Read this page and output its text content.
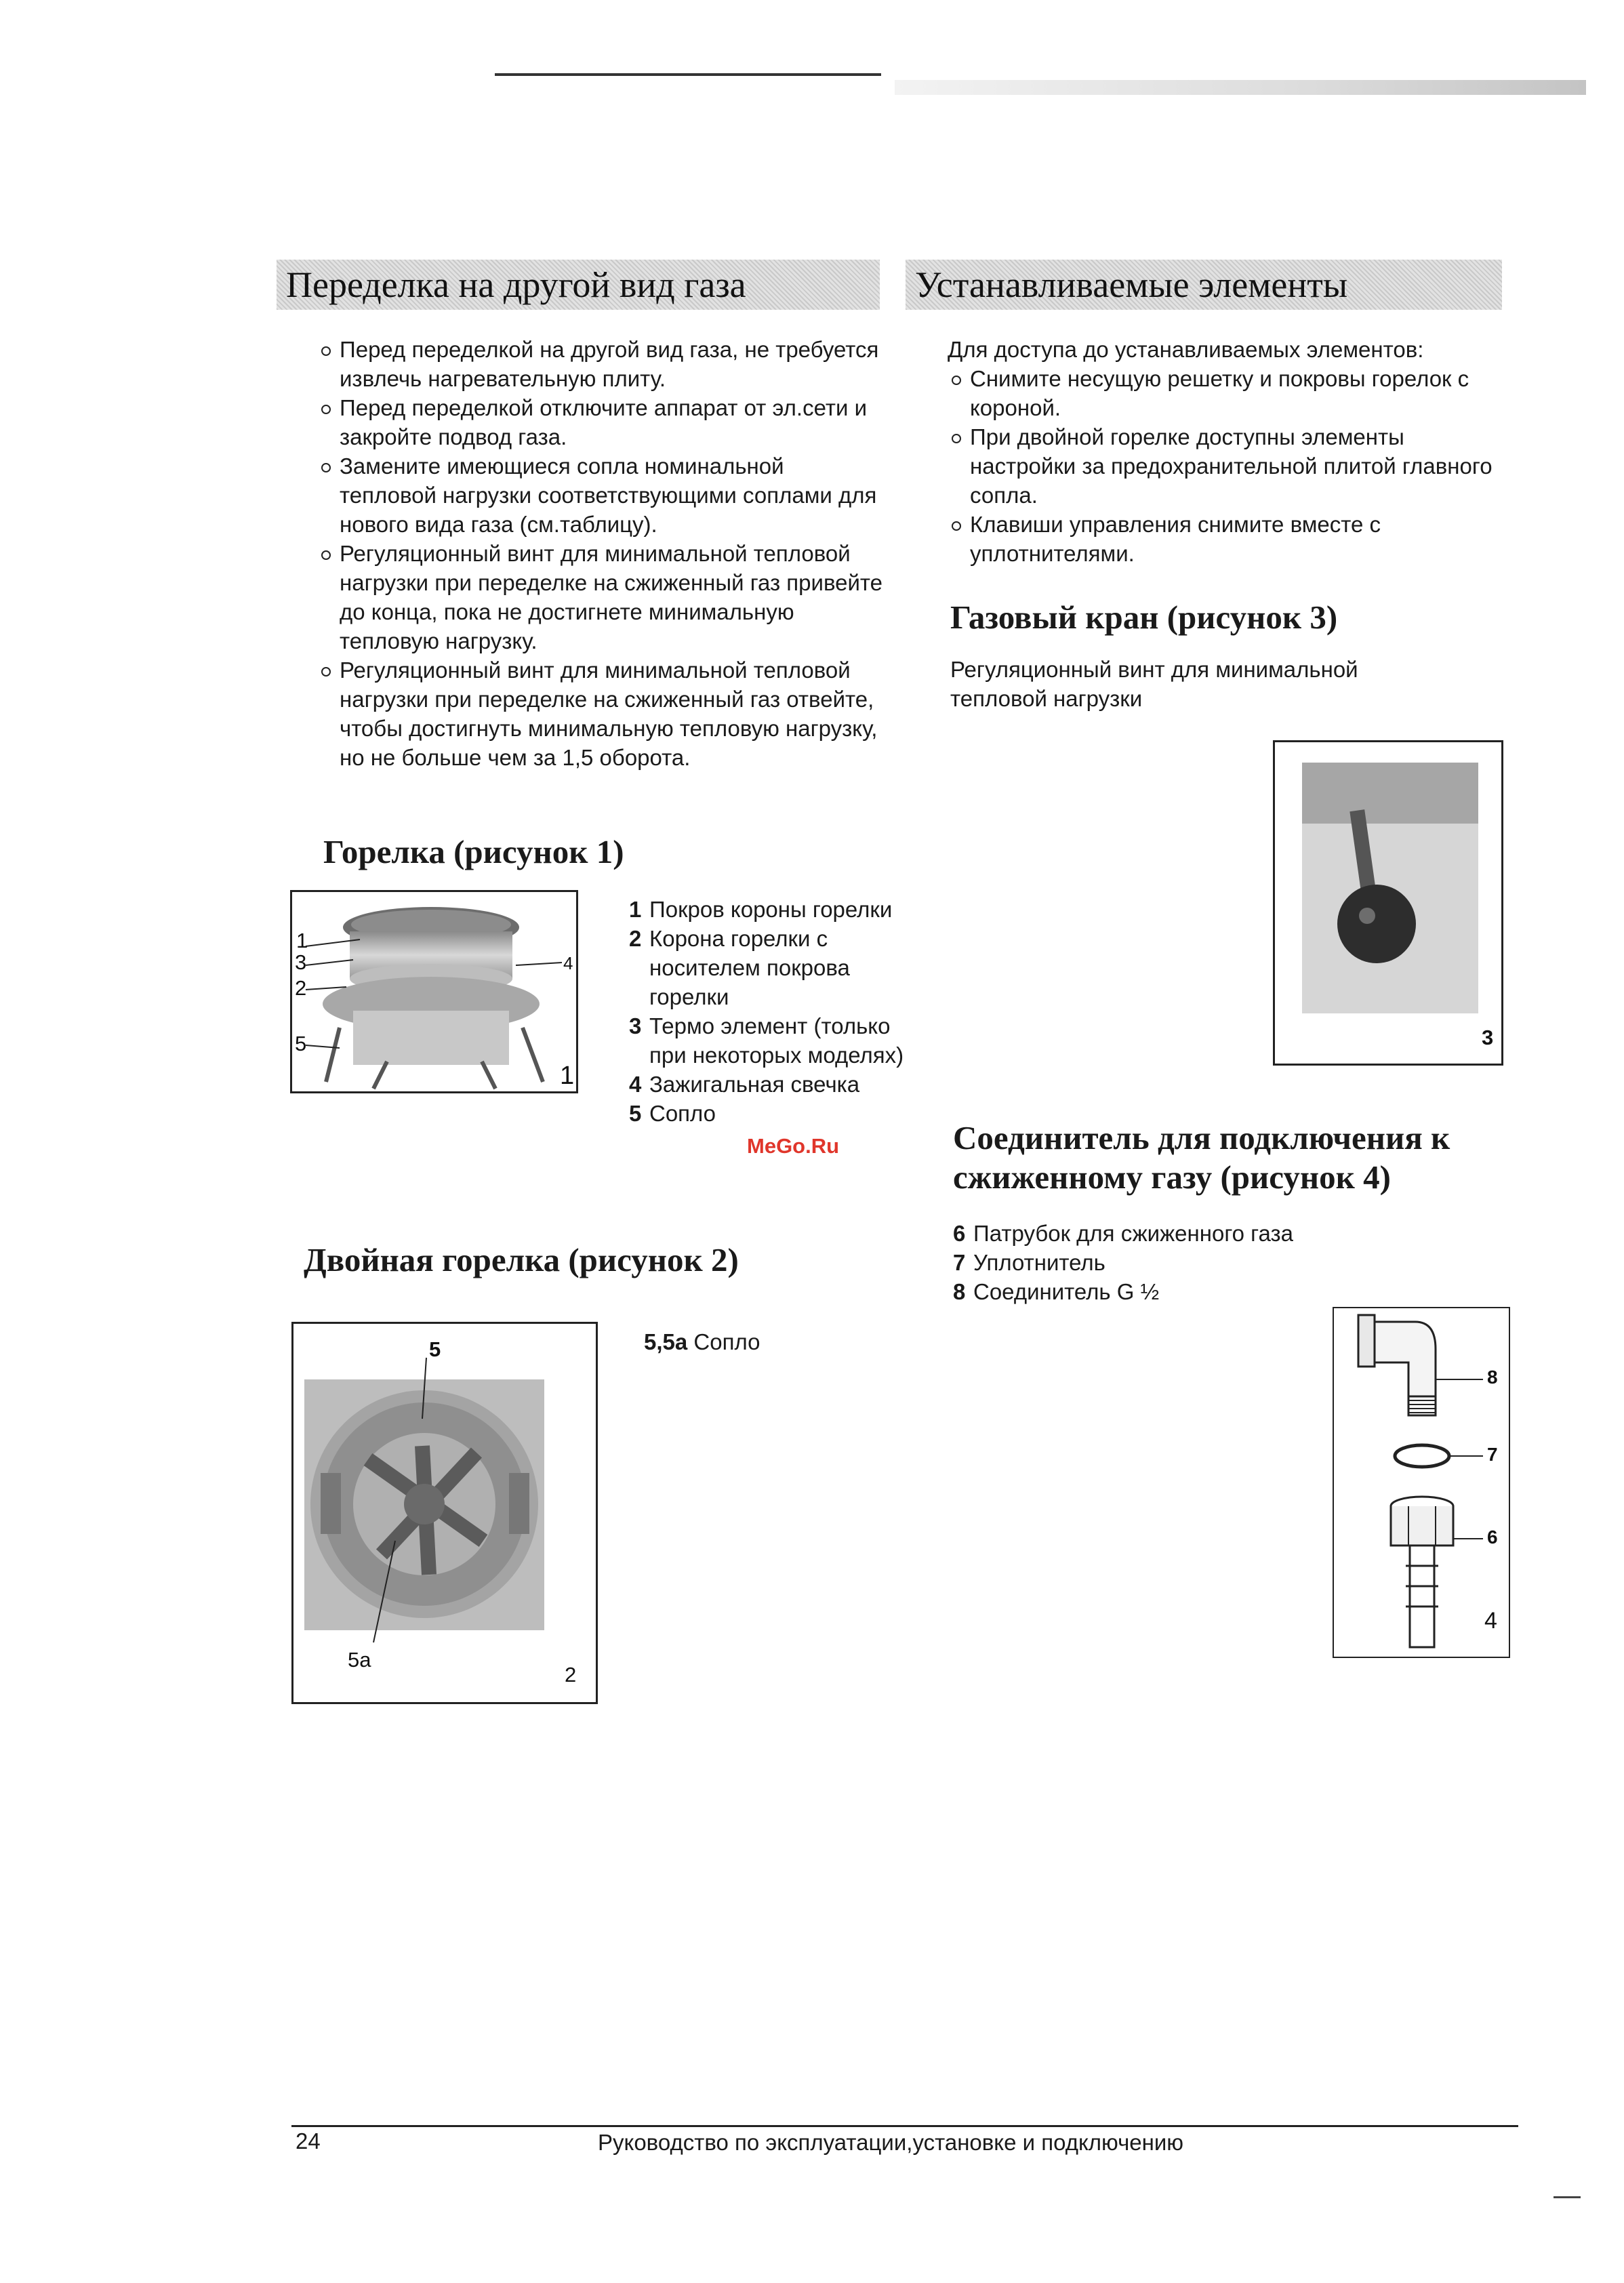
Переделка на другой вид газа
Перед переделкой на другой вид газа, не требуется извлечь нагревательную плиту.
Перед переделкой отключите аппарат от эл.сети и закройте подвод газа.
Замените имеющиеся сопла номинальной тепловой нагрузки соответствующими соплами для нового вида газа (см.таблицу).
Регуляционный винт для минимальной тепловой нагрузки при переделке на сжиженный газ привейте до конца, пока не достигнете минимальную тепловую нагрузку.
Регуляционный винт для минимальной тепловой нагрузки при переделке на сжиженный газ отвейте, чтобы достигнуть минимальную тепловую нагрузку, но не больше чем за 1,5 оборота.
Горелка (рисунок 1)
1
3
2
5
4
1
1 Покров короны горелки
2 Корона горелки с носителем покрова горелки
3 Термо элемент (только при некоторых моделях)
4 Зажигальная свечка
5 Сопло
MeGo.Ru
Двойная горелка (рисунок 2)
5
5a
2
5,5а Сопло
Устанавливаемые элементы
Для доступа до устанавливаемых элементов:
Снимите несущую решетку и покровы горелок с короной.
При двойной горелке доступны элементы настройки за предохранительной плитой главного сопла.
Клавиши управления снимите вместе с уплотнителями.
Газовый кран (рисунок 3)
Регуляционный винт для минимальной тепловой нагрузки
3
Соединитель для подключения к сжиженному газу (рисунок 4)
6 Патрубок для сжиженного газа
7 Уплотнитель
8 Соединитель G ½
8
7
6
4
24	Руководство по эксплуатации,установке и подключению
